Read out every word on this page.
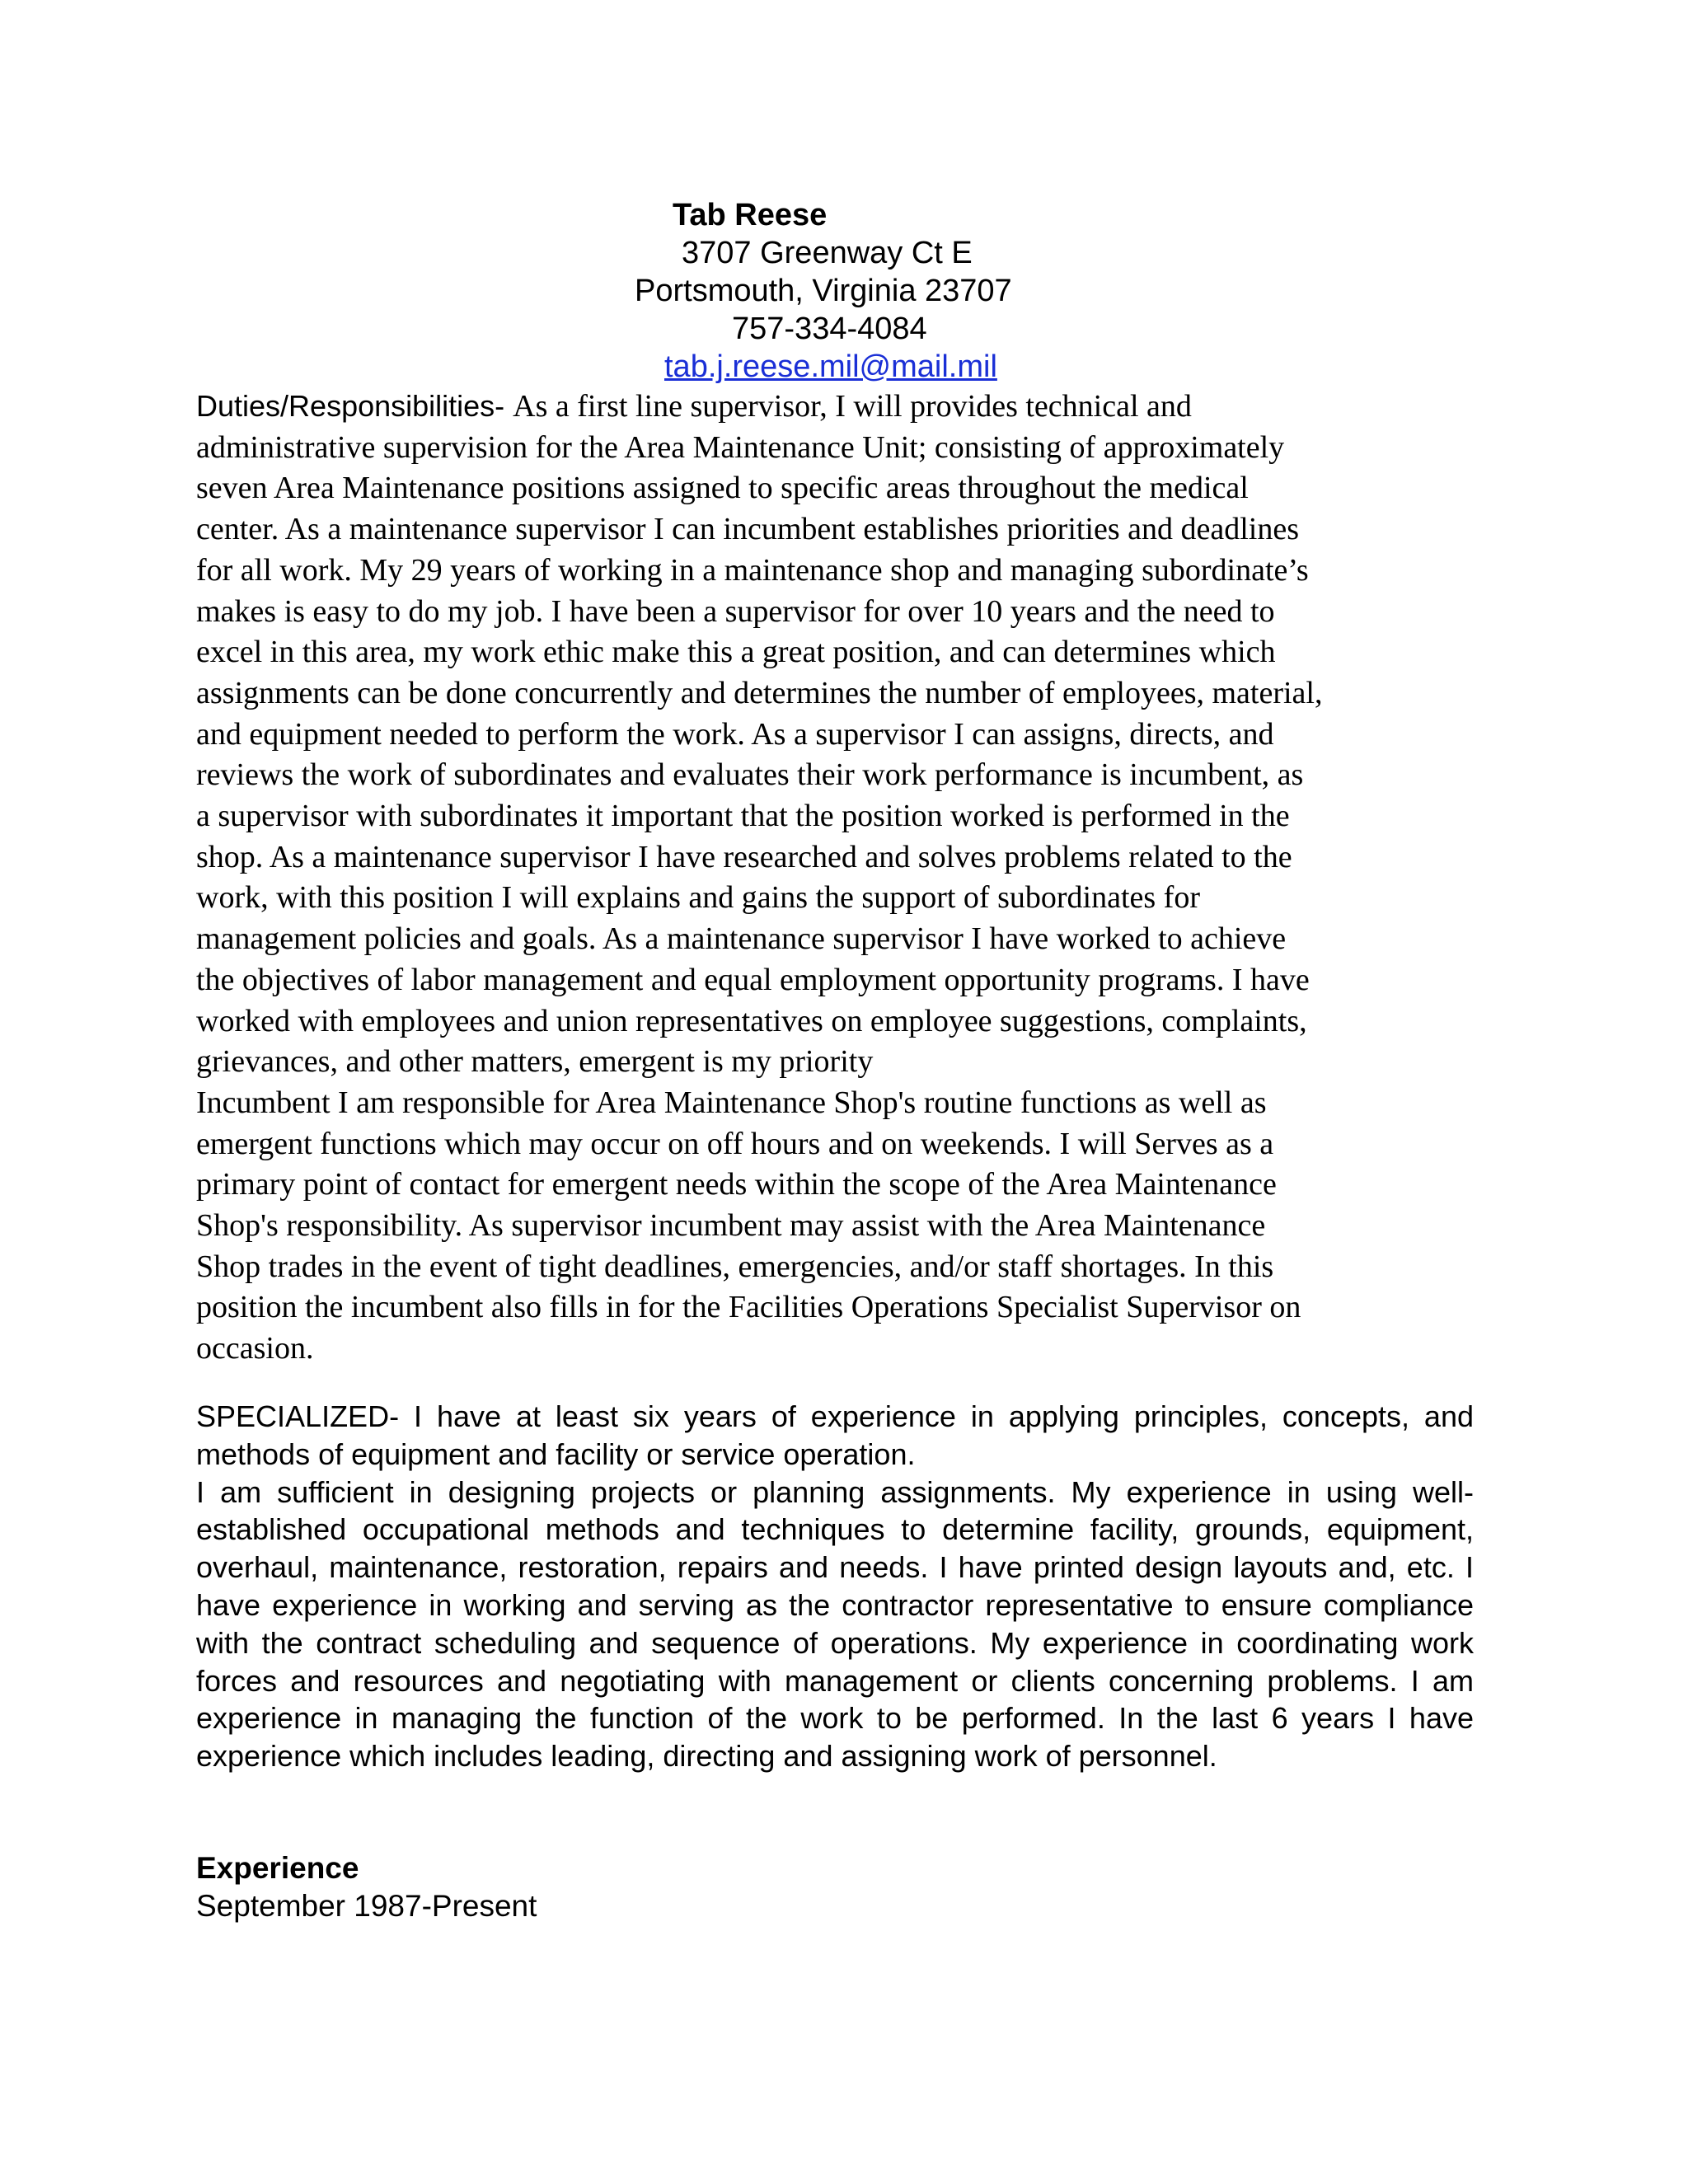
Tab Reese
3707 Greenway Ct E
Portsmouth, Virginia 23707
757-334-4084
tab.j.reese.mil@mail.mil
Duties/Responsibilities- As a first line supervisor, I will provides technical and
administrative supervision for the Area Maintenance Unit; consisting of approximately
seven Area Maintenance positions assigned to specific areas throughout the medical
center. As a maintenance supervisor I can incumbent establishes priorities and deadlines
for all work. My 29 years of working in a maintenance shop and managing subordinate’s
makes is easy to do my job. I have been a supervisor for over 10 years and the need to
excel in this area, my work ethic make this a great position, and can determines which
assignments can be done concurrently and determines the number of employees, material,
and equipment needed to perform the work. As a supervisor I can assigns, directs, and
reviews the work of subordinates and evaluates their work performance is incumbent, as
a supervisor with subordinates it important that the position worked is performed in the
shop. As a maintenance supervisor I have researched and solves problems related to the
work, with this position I will explains and gains the support of subordinates for
management policies and goals. As a maintenance supervisor I have worked to achieve
the objectives of labor management and equal employment opportunity programs. I have
worked with employees and union representatives on employee suggestions, complaints,
grievances, and other matters, emergent is my priority
Incumbent I am responsible for Area Maintenance Shop's routine functions as well as
emergent functions which may occur on off hours and on weekends. I will Serves as a
primary point of contact for emergent needs within the scope of the Area Maintenance
Shop's responsibility. As supervisor incumbent may assist with the Area Maintenance
Shop trades in the event of tight deadlines, emergencies, and/or staff shortages. In this
position the incumbent also fills in for the Facilities Operations Specialist Supervisor on
occasion.

SPECIALIZED- I have at least six years of experience in applying principles, concepts, and methods of equipment and facility or service operation.

I am sufficient in designing projects or planning assignments. My experience in using well-established occupational methods and techniques to determine facility, grounds, equipment, overhaul, maintenance, restoration, repairs and needs. I have printed design layouts and, etc. I have experience in working and serving as the contractor representative to ensure compliance with the contract scheduling and sequence of operations. My experience in coordinating work forces and resources and negotiating with management or clients concerning problems. I am experience in managing the function of the work to be performed. In the last 6 years I have experience which includes leading, directing and assigning work of personnel.

Experience
September 1987-Present
